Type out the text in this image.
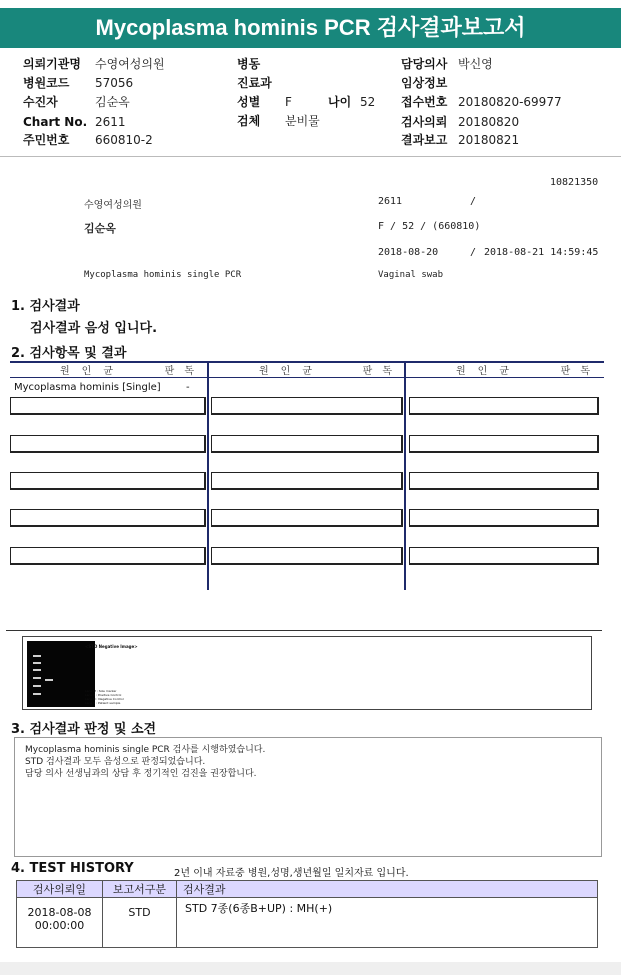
Mycoplasma hominis PCR 검사결과보고서
의뢰기관명 수영여성의원
병원코드 57056
수진자	김순옥
Chart No. 2611
주민번호 660810-2
병동
진료과
성별 F	나이 52
검체 분비물
담당의사 박신영
임상정보
접수번호 20180820-69977
검사의뢰 20180820
결과보고 20180821
10821350
수영여성의원	2611	/
김순옥	F / 52 / (660810)
2018-08-20	/ 2018-08-21 14:59:45
Mycoplasma hominis single PCR	Vaginal swab
1. 검사결과
검사결과 음성 입니다.
2. 검사항목 및 결과
원인균	판독	원인균	판독	원인균	판독
Mycoplasma hominis [Single]	-
<STD Negative Image>
Lane M : Size marker
Lane P : Positive Control
Lane N : Negative Control
Lane S : Patient sample
3. 검사결과 판정 및 소견
Mycoplasma hominis single PCR 검사를 시행하였습니다.
STD 검사결과 모두 음성으로 판정되었습니다.
담당 의사 선생님과의 상담 후 정기적인 검진을 권장합니다.
4. TEST HISTORY	2년 이내 자료중 병원,성명,생년월일 일치자료 입니다.
검사의뢰일	보고서구분	검사결과

2018-08-08
00:00:00	STD	STD 7종(6종B+UP) : MH(+)
